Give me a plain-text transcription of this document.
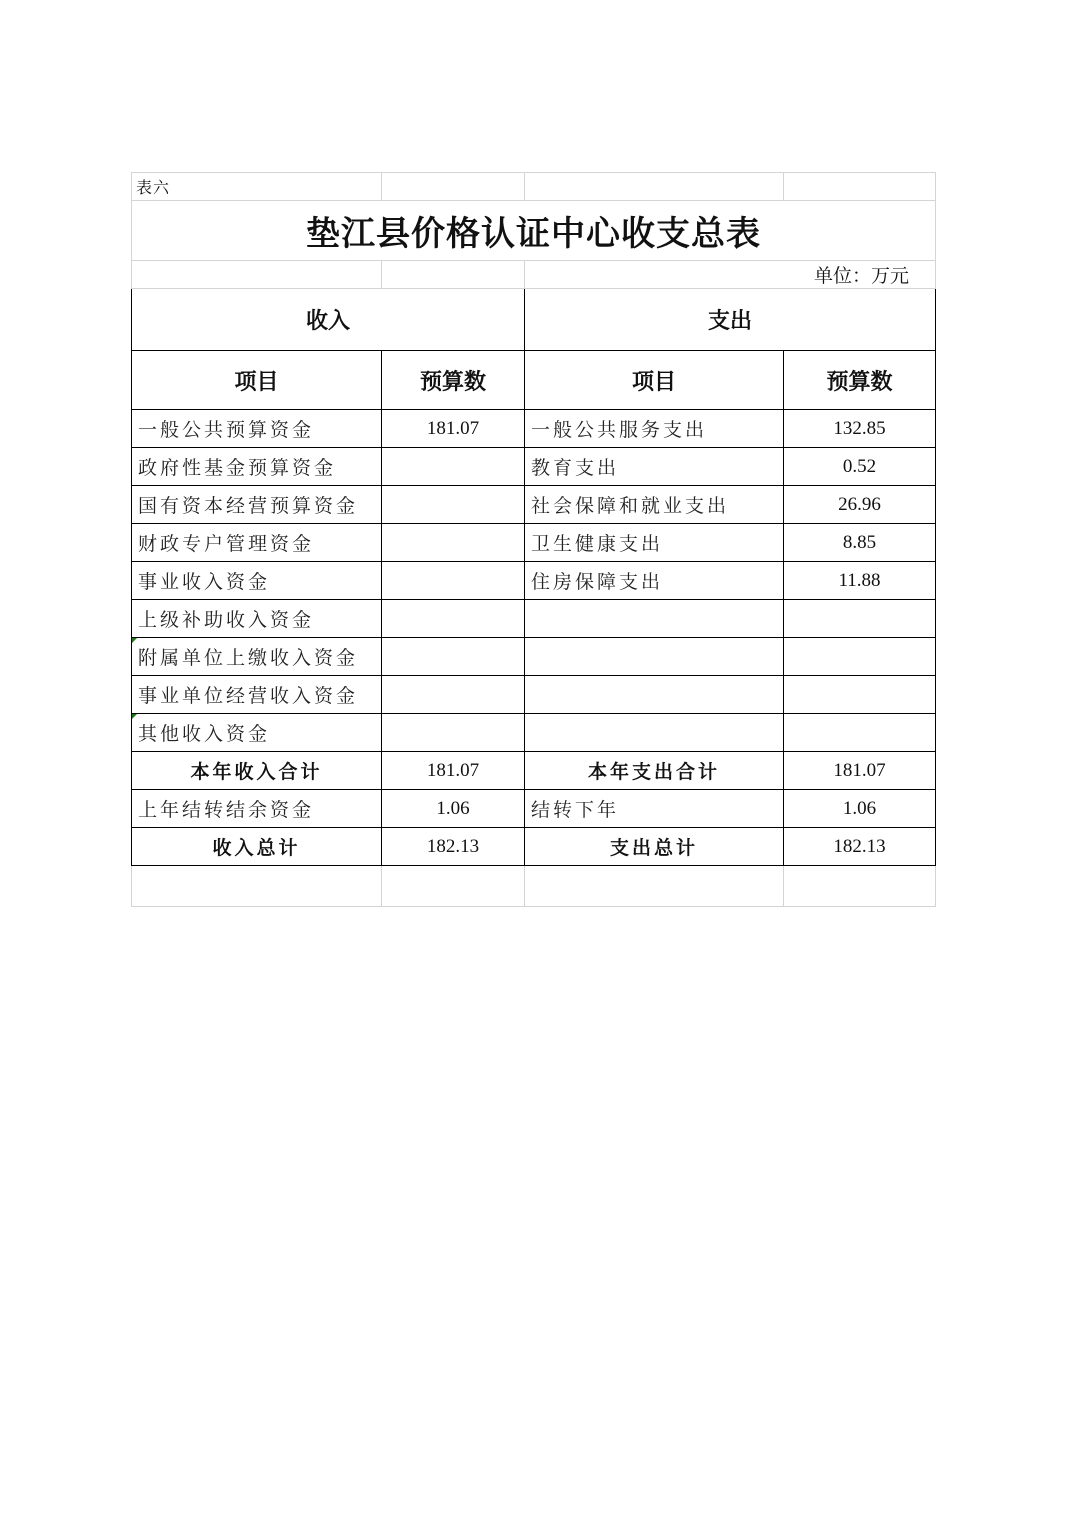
表六			
垫江县价格认证中心收支总表			
		单位：万元	
收入		支出	
项目	预算数	项目	预算数
一般公共预算资金	181.07	一般公共服务支出	132.85
政府性基金预算资金		教育支出	0.52
国有资本经营预算资金		社会保障和就业支出	26.96
财政专户管理资金		卫生健康支出	8.85
事业收入资金		住房保障支出	11.88
上级补助收入资金			
附属单位上缴收入资金			
事业单位经营收入资金			
其他收入资金			
本年收入合计	181.07	本年支出合计	181.07
上年结转结余资金	1.06	结转下年	1.06
收入总计	182.13	支出总计	182.13
